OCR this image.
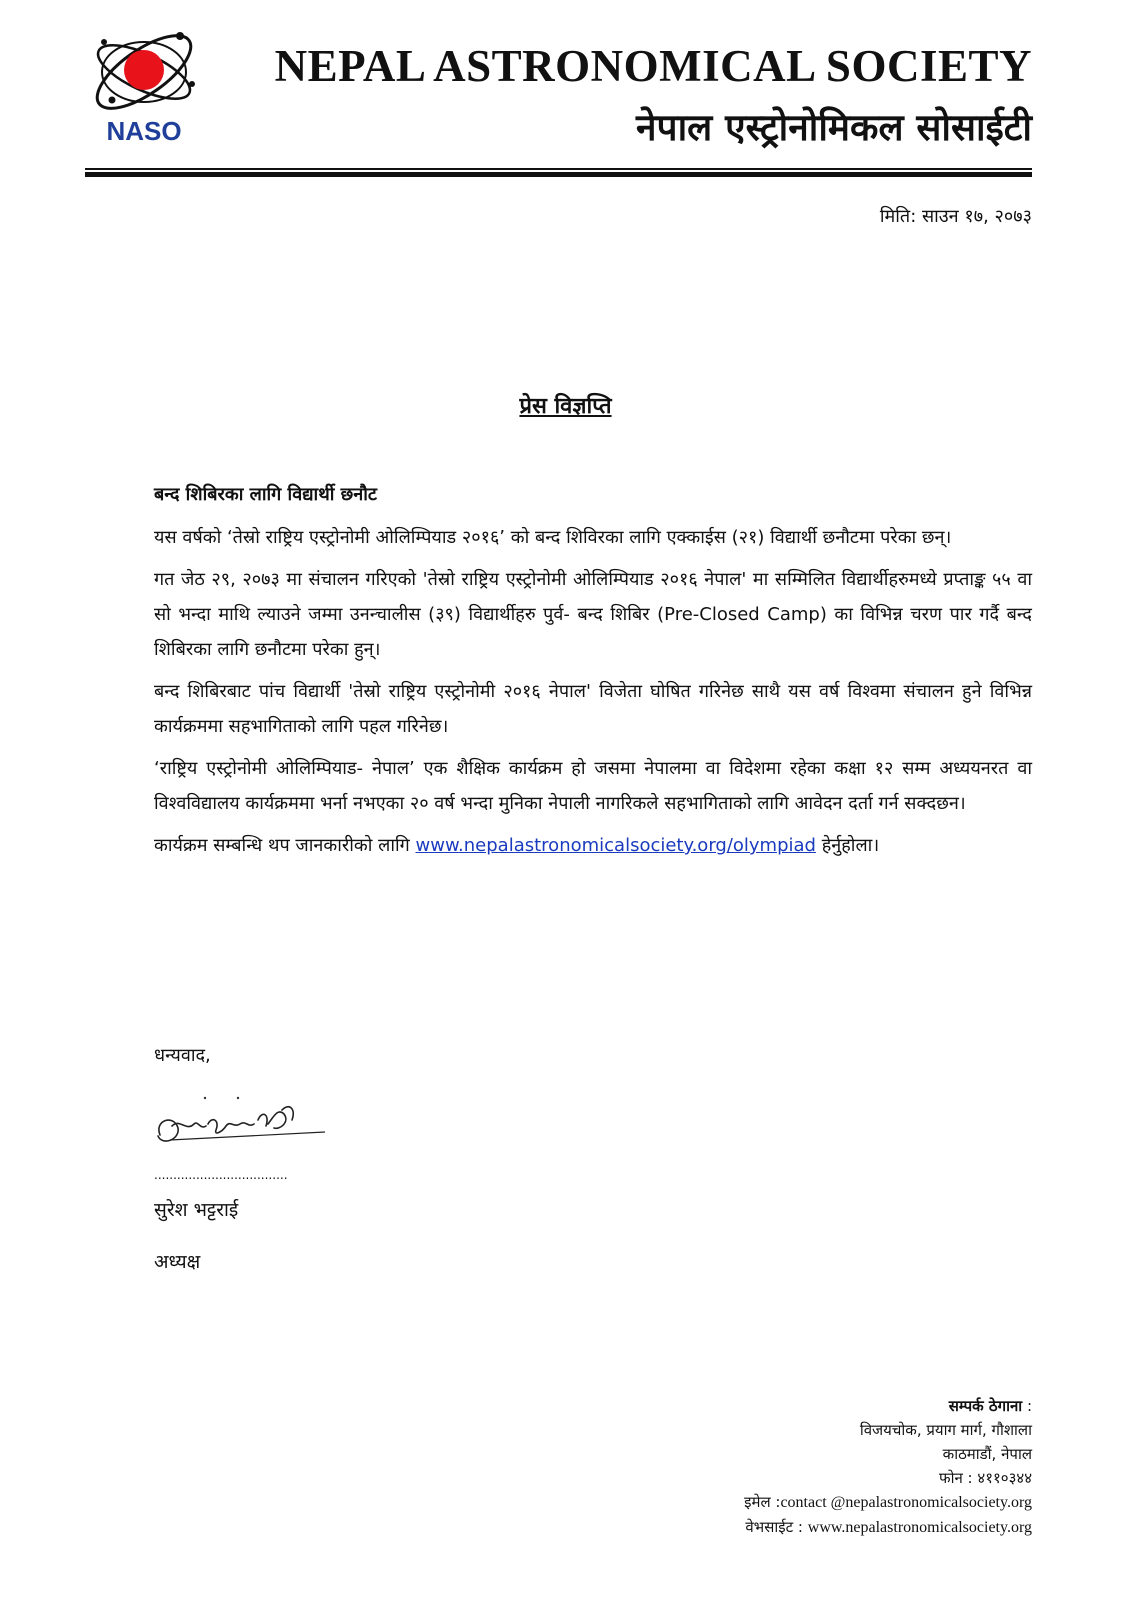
NASO
NEPAL ASTRONOMICAL SOCIETY
नेपाल एस्ट्रोनोमिकल सोसाईटी
मिति: साउन १७, २०७३
प्रेस विज्ञप्ति
बन्द शिबिरका लागि विद्यार्थी छनौट

यस वर्षको ‘तेस्रो राष्ट्रिय एस्ट्रोनोमी ओलिम्पियाड २०१६’ को बन्द शिविरका लागि एक्काईस (२१) विद्यार्थी छनौटमा परेका छन्।

गत जेठ २९, २०७३ मा संचालन गरिएको 'तेस्रो राष्ट्रिय एस्ट्रोनोमी ओलिम्पियाड २०१६ नेपाल' मा सम्मिलित विद्यार्थीहरुमध्ये प्रप्ताङ्क ५५ वा सो भन्दा माथि ल्याउने जम्मा उनन्चालीस (३९) विद्यार्थीहरु पुर्व- बन्द शिबिर (Pre-Closed Camp) का विभिन्न चरण पार गर्दै बन्द शिबिरका लागि छनौटमा परेका हुन्।

बन्द शिबिरबाट पांच विद्यार्थी 'तेस्रो राष्ट्रिय एस्ट्रोनोमी २०१६ नेपाल' विजेता घोषित गरिनेछ साथै यस वर्ष विश्वमा संचालन हुने विभिन्न कार्यक्रममा सहभागिताको लागि पहल गरिनेछ।

‘राष्ट्रिय एस्ट्रोनोमी ओलिम्पियाड- नेपाल’ एक शैक्षिक कार्यक्रम हो जसमा नेपालमा वा विदेशमा रहेका कक्षा १२ सम्म अध्ययनरत वा विश्वविद्यालय कार्यक्रममा भर्ना नभएका २० वर्ष भन्दा मुनिका नेपाली नागरिकले सहभागिताको लागि आवेदन दर्ता गर्न सक्दछन।

कार्यक्रम सम्बन्धि थप जानकारीको लागि www.nepalastronomicalsociety.org/olympiad हेर्नुहोला।

धन्यवाद,
...................................
सुरेश भट्टराई
अध्यक्ष
सम्पर्क ठेगाना :
विजयचोक, प्रयाग मार्ग, गौशाला
काठमाडौं, नेपाल
फोन : ४११०३४४
इमेल :contact @nepalastronomicalsociety.org
वेभसाईट : www.nepalastronomicalsociety.org
